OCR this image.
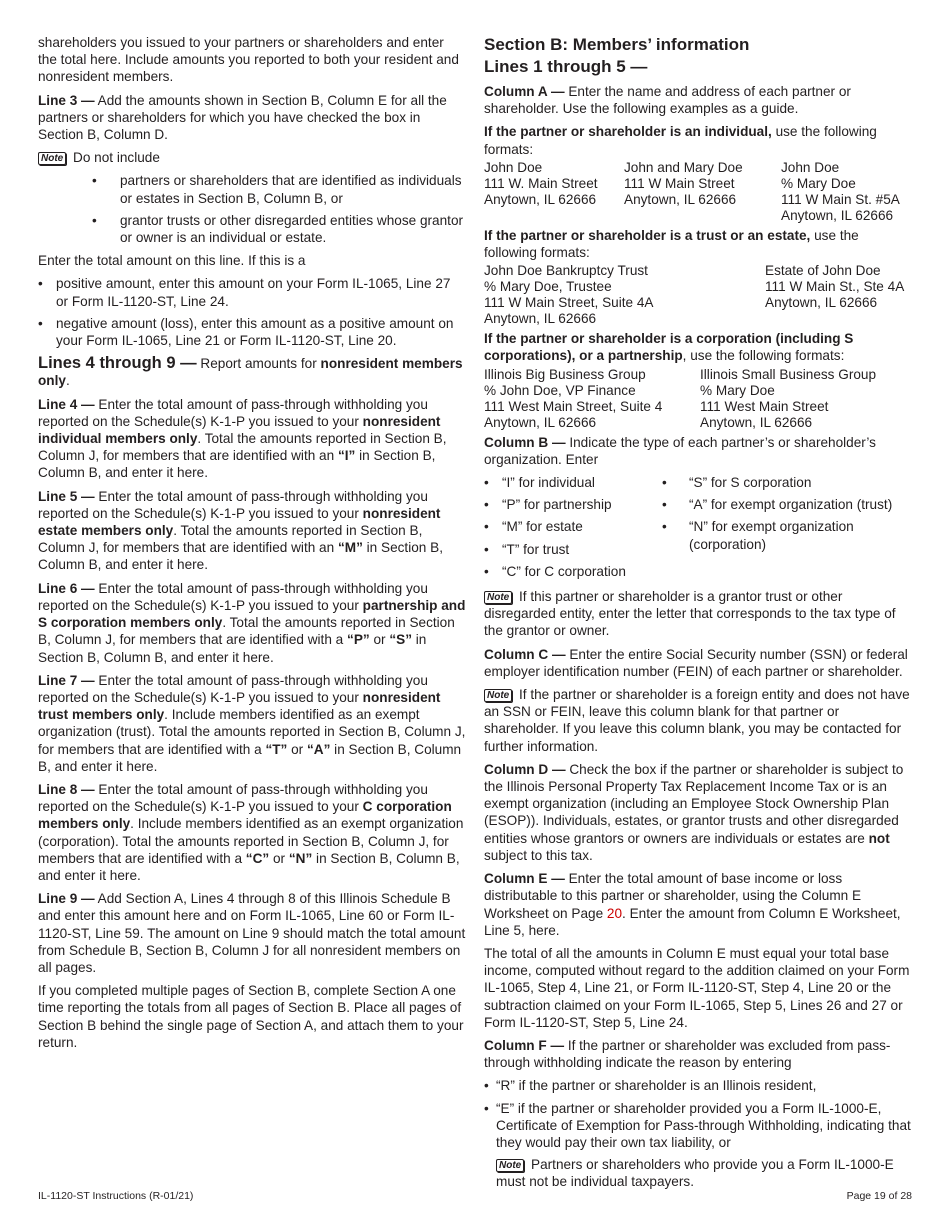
shareholders you issued to your partners or shareholders and enter the total here. Include amounts you reported to both your resident and nonresident members.

Line 3 — Add the amounts shown in Section B, Column E for all the partners or shareholders for which you have checked the box in Section B, Column D.

Note Do not include

• partners or shareholders that are identified as individuals or estates in Section B, Column B, or
• grantor trusts or other disregarded entities whose grantor or owner is an individual or estate.

Enter the total amount on this line. If this is a

• positive amount, enter this amount on your Form IL-1065, Line 27 or Form IL-1120-ST, Line 24.
• negative amount (loss), enter this amount as a positive amount on your Form IL-1065, Line 21 or Form IL-1120-ST, Line 20.

Lines 4 through 9 — Report amounts for nonresident members only.

Line 4 — Enter the total amount of pass-through withholding you reported on the Schedule(s) K-1-P you issued to your nonresident individual members only. Total the amounts reported in Section B, Column J, for members that are identified with an “I” in Section B, Column B, and enter it here.

Line 5 — Enter the total amount of pass-through withholding you reported on the Schedule(s) K-1-P you issued to your nonresident estate members only. Total the amounts reported in Section B, Column J, for members that are identified with an “M” in Section B, Column B, and enter it here.

Line 6 — Enter the total amount of pass-through withholding you reported on the Schedule(s) K-1-P you issued to your partnership and S corporation members only. Total the amounts reported in Section B, Column J, for members that are identified with a “P” or “S” in Section B, Column B, and enter it here.

Line 7 — Enter the total amount of pass-through withholding you reported on the Schedule(s) K-1-P you issued to your nonresident trust members only. Include members identified as an exempt organization (trust). Total the amounts reported in Section B, Column J, for members that are identified with a “T” or “A” in Section B, Column B, and enter it here.

Line 8 — Enter the total amount of pass-through withholding you reported on the Schedule(s) K-1-P you issued to your C corporation members only. Include members identified as an exempt organization (corporation). Total the amounts reported in Section B, Column J, for members that are identified with a “C” or “N” in Section B, Column B, and enter it here.

Line 9 — Add Section A, Lines 4 through 8 of this Illinois Schedule B and enter this amount here and on Form IL-1065, Line 60 or Form IL-1120-ST, Line 59. The amount on Line 9 should match the total amount from Schedule B, Section B, Column J for all nonresident members on all pages.

If you completed multiple pages of Section B, complete Section A one time reporting the totals from all pages of Section B. Place all pages of Section B behind the single page of Section A, and attach them to your return.

Section B: Members’ information
Lines 1 through 5 —

Column A — Enter the name and address of each partner or shareholder. Use the following examples as a guide.

If the partner or shareholder is an individual, use the following formats:

John Doe
111 W. Main Street
Anytown, IL 62666
John and Mary Doe
111 W Main Street
Anytown, IL 62666
John Doe
% Mary Doe
111 W Main St. #5A
Anytown, IL 62666

If the partner or shareholder is a trust or an estate, use the following formats:

John Doe Bankruptcy Trust
% Mary Doe, Trustee
111 W Main Street, Suite 4A
Anytown, IL 62666
Estate of John Doe
111 W Main St., Ste 4A
Anytown, IL 62666

If the partner or shareholder is a corporation (including S corporations), or a partnership, use the following formats:

Illinois Big Business Group
% John Doe, VP Finance
111 West Main Street, Suite 4
Anytown, IL 62666
Illinois Small Business Group
% Mary Doe
111 West Main Street
Anytown, IL 62666

Column B — Indicate the type of each partner’s or shareholder’s organization. Enter

• “I” for individual
• “P” for partnership
• “M” for estate
• “T” for trust
• “C” for C corporation
• “S” for S corporation
• “A” for exempt organization (trust)
• “N” for exempt organization (corporation)

Note If this partner or shareholder is a grantor trust or other disregarded entity, enter the letter that corresponds to the tax type of the grantor or owner.

Column C — Enter the entire Social Security number (SSN) or federal employer identification number (FEIN) of each partner or shareholder.

Note If the partner or shareholder is a foreign entity and does not have an SSN or FEIN, leave this column blank for that partner or shareholder. If you leave this column blank, you may be contacted for further information.

Column D — Check the box if the partner or shareholder is subject to the Illinois Personal Property Tax Replacement Income Tax or is an exempt organization (including an Employee Stock Ownership Plan (ESOP)). Individuals, estates, or grantor trusts and other disregarded entities whose grantors or owners are individuals or estates are not subject to this tax.

Column E — Enter the total amount of base income or loss distributable to this partner or shareholder, using the Column E Worksheet on Page 20. Enter the amount from Column E Worksheet, Line 5, here.

The total of all the amounts in Column E must equal your total base income, computed without regard to the addition claimed on your Form IL-1065, Step 4, Line 21, or Form IL-1120-ST, Step 4, Line 20 or the subtraction claimed on your Form IL-1065, Step 5, Lines 26 and 27 or Form IL-1120-ST, Step 5, Line 24.

Column F — If the partner or shareholder was excluded from pass-through withholding indicate the reason by entering

• “R” if the partner or shareholder is an Illinois resident,
• “E” if the partner or shareholder provided you a Form IL-1000-E, Certificate of Exemption for Pass-through Withholding, indicating that they would pay their own tax liability, or

Note Partners or shareholders who provide you a Form IL-1000-E must not be individual taxpayers.

IL-1120-ST Instructions (R-01/21)	Page 19 of 28
